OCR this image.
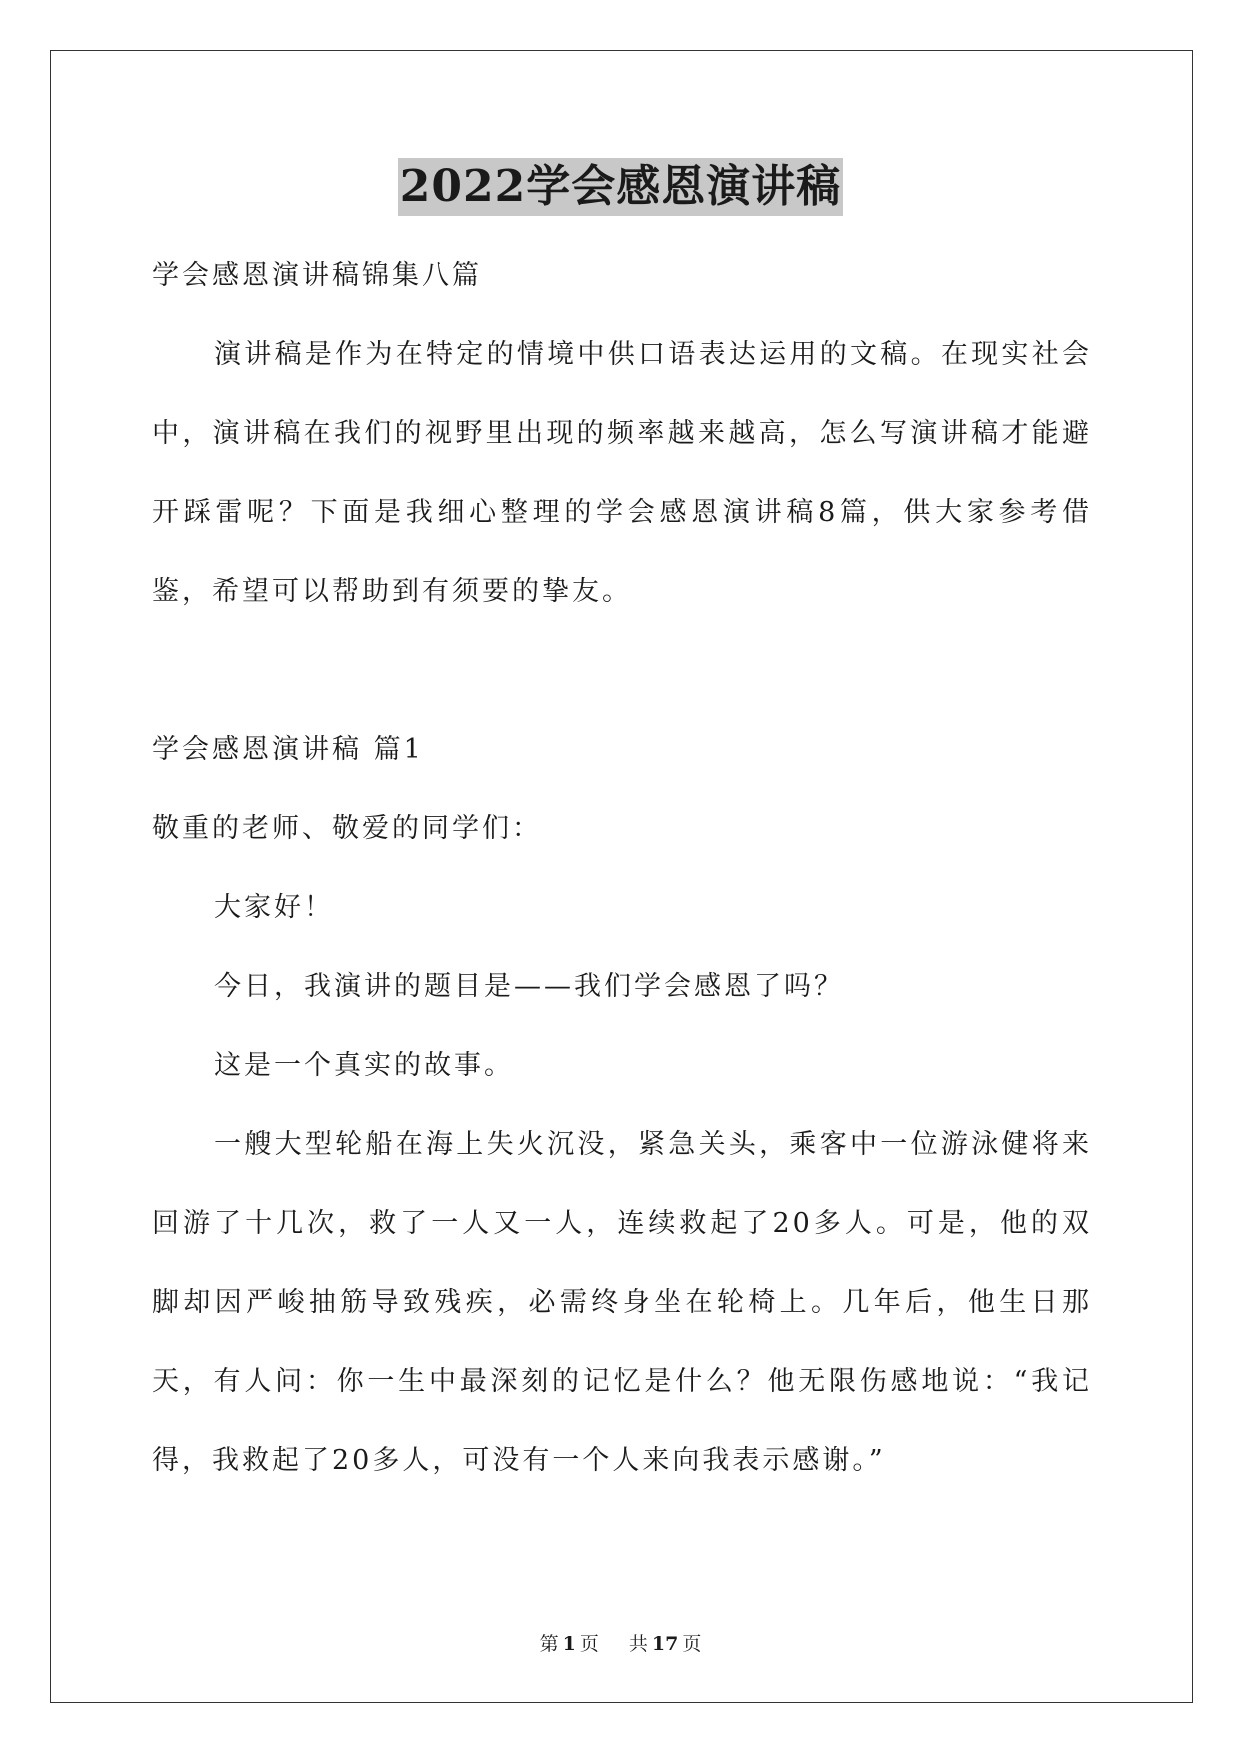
2022学会感恩演讲稿
学会感恩演讲稿锦集八篇
演讲稿是作为在特定的情境中供口语表达运用的文稿。在现实社会中，演讲稿在我们的视野里出现的频率越来越高，怎么写演讲稿才能避开踩雷呢？下面是我细心整理的学会感恩演讲稿8篇，供大家参考借鉴，希望可以帮助到有须要的挚友。
学会感恩演讲稿 篇1
敬重的老师、敬爱的同学们：
大家好！
今日，我演讲的题目是——我们学会感恩了吗？
这是一个真实的故事。
一艘大型轮船在海上失火沉没，紧急关头，乘客中一位游泳健将来回游了十几次，救了一人又一人，连续救起了20多人。可是，他的双脚却因严峻抽筋导致残疾，必需终身坐在轮椅上。几年后，他生日那天，有人问：你一生中最深刻的记忆是什么？他无限伤感地说：“我记得，我救起了20多人，可没有一个人来向我表示感谢。”
第 1 页 共 17 页
